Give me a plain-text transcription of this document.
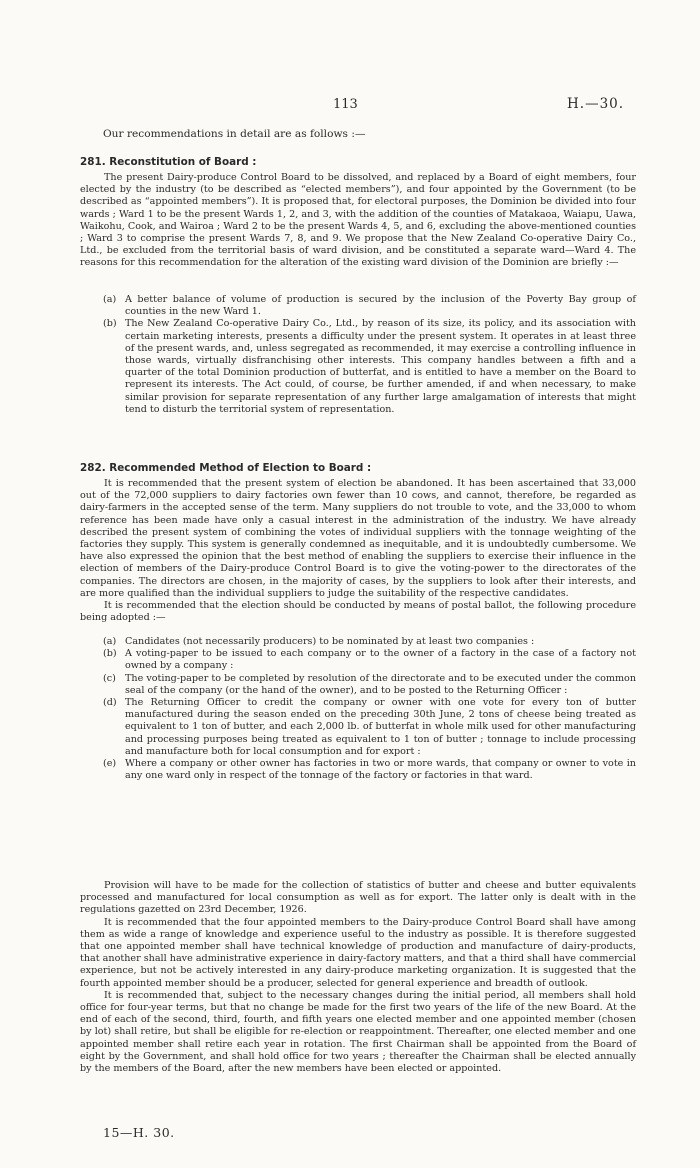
113	H.—30.
Our recommendations in detail are as follows :—
281. Reconstitution of Board :

The present Dairy-produce Control Board to be dissolved, and replaced by a Board of eight members, four elected by the industry (to be described as “elected members”), and four appointed by the Government (to be described as “appointed members”). It is proposed that, for electoral purposes, the Dominion be divided into four wards ; Ward 1 to be the present Wards 1, 2, and 3, with the addition of the counties of Matakaoa, Waiapu, Uawa, Waikohu, Cook, and Wairoa ; Ward 2 to be the present Wards 4, 5, and 6, excluding the above-mentioned counties ; Ward 3 to comprise the present Wards 7, 8, and 9. We propose that the New Zealand Co-operative Dairy Co., Ltd., be excluded from the territorial basis of ward division, and be constituted a separate ward—Ward 4. The reasons for this recommendation for the alteration of the existing ward division of the Dominion are briefly :—

(a) A better balance of volume of production is secured by the inclusion of the Poverty Bay group of counties in the new Ward 1.
(b) The New Zealand Co-operative Dairy Co., Ltd., by reason of its size, its policy, and its association with certain marketing interests, presents a difficulty under the present system. It operates in at least three of the present wards, and, unless segregated as recommended, it may exercise a controlling influence in those wards, virtually disfranchising other interests. This company handles between a fifth and a quarter of the total Dominion production of butterfat, and is entitled to have a member on the Board to represent its interests. The Act could, of course, be further amended, if and when necessary, to make similar provision for separate representation of any further large amalgamation of interests that might tend to disturb the territorial system of representation.
282. Recommended Method of Election to Board :

It is recommended that the present system of election be abandoned. It has been ascertained that 33,000 out of the 72,000 suppliers to dairy factories own fewer than 10 cows, and cannot, therefore, be regarded as dairy-farmers in the accepted sense of the term. Many suppliers do not trouble to vote, and the 33,000 to whom reference has been made have only a casual interest in the administration of the industry. We have already described the present system of combining the votes of individual suppliers with the tonnage weighting of the factories they supply. This system is generally condemned as inequitable, and it is undoubtedly cumbersome. We have also expressed the opinion that the best method of enabling the suppliers to exercise their influence in the election of members of the Dairy-produce Control Board is to give the voting-power to the directorates of the companies. The directors are chosen, in the majority of cases, by the suppliers to look after their interests, and are more qualified than the individual suppliers to judge the suitability of the respective candidates.

It is recommended that the election should be conducted by means of postal ballot, the following procedure being adopted :—

(a) Candidates (not necessarily producers) to be nominated by at least two companies :
(b) A voting-paper to be issued to each company or to the owner of a factory in the case of a factory not owned by a company :
(c) The voting-paper to be completed by resolution of the directorate and to be executed under the common seal of the company (or the hand of the owner), and to be posted to the Returning Officer :
(d) The Returning Officer to credit the company or owner with one vote for every ton of butter manufactured during the season ended on the preceding 30th June, 2 tons of cheese being treated as equivalent to 1 ton of butter, and each 2,000 lb. of butterfat in whole milk used for other manufacturing and processing purposes being treated as equivalent to 1 ton of butter ; tonnage to include processing and manufacture both for local consumption and for export :
(e) Where a company or other owner has factories in two or more wards, that company or owner to vote in any one ward only in respect of the tonnage of the factory or factories in that ward.

Provision will have to be made for the collection of statistics of butter and cheese and butter equivalents processed and manufactured for local consumption as well as for export. The latter only is dealt with in the regulations gazetted on 23rd December, 1926.

It is recommended that the four appointed members to the Dairy-produce Control Board shall have among them as wide a range of knowledge and experience useful to the industry as possible. It is therefore suggested that one appointed member shall have technical knowledge of production and manufacture of dairy-products, that another shall have administrative experience in dairy-factory matters, and that a third shall have commercial experience, but not be actively interested in any dairy-produce marketing organization. It is suggested that the fourth appointed member should be a producer, selected for general experience and breadth of outlook.

It is recommended that, subject to the necessary changes during the initial period, all members shall hold office for four-year terms, but that no change be made for the first two years of the life of the new Board. At the end of each of the second, third, fourth, and fifth years one elected member and one appointed member (chosen by lot) shall retire, but shall be eligible for re-election or reappointment. Thereafter, one elected member and one appointed member shall retire each year in rotation. The first Chairman shall be appointed from the Board of eight by the Government, and shall hold office for two years ; thereafter the Chairman shall be elected annually by the members of the Board, after the new members have been elected or appointed.

15—H. 30.
